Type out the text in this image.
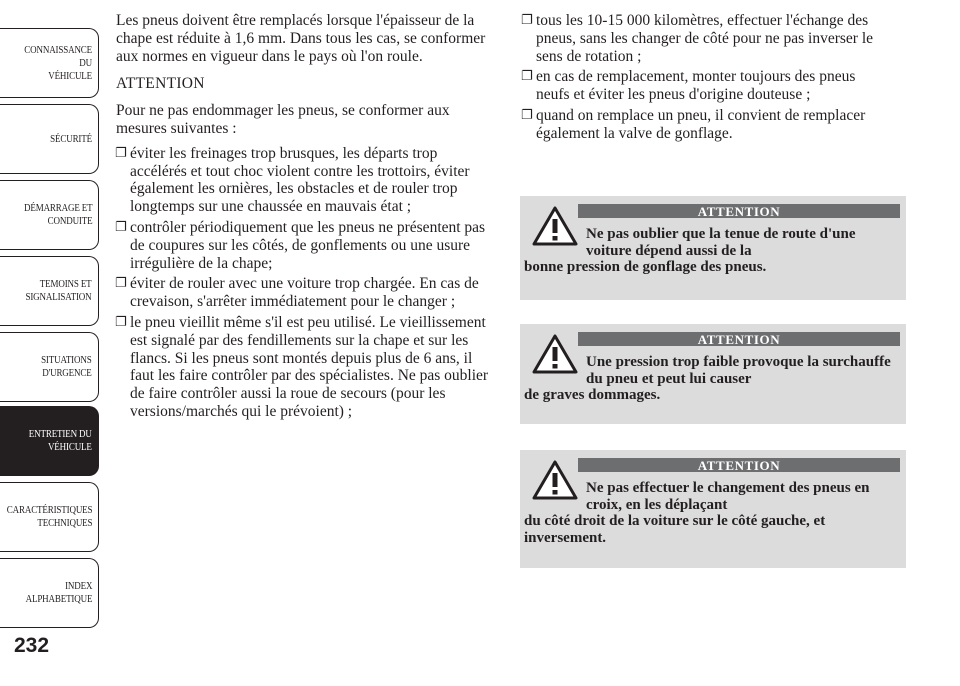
CONNAISSANCE DU
VÉHICULE
SÉCURITÉ
DÉMARRAGE ET
CONDUITE
TEMOINS ET
SIGNALISATION
SITUATIONS
D'URGENCE
ENTRETIEN DU
VÉHICULE
CARACTÉRISTIQUES
TECHNIQUES
INDEX
ALPHABETIQUE
232

Les pneus doivent être remplacés lorsque l'épaisseur de la chape est réduite à 1,6 mm. Dans tous les cas, se conformer aux normes en vigueur dans le pays où l'on roule.

ATTENTION

Pour ne pas endommager les pneus, se conformer aux mesures suivantes :

❐ éviter les freinages trop brusques, les départs trop accélérés et tout choc violent contre les trottoirs, éviter également les ornières, les obstacles et de rouler trop longtemps sur une chaussée en mauvais état ;
❐ contrôler périodiquement que les pneus ne présentent pas de coupures sur les côtés, de gonflements ou une usure irrégulière de la chape;
❐ éviter de rouler avec une voiture trop chargée. En cas de crevaison, s'arrêter immédiatement pour le changer ;
❐ le pneu vieillit même s'il est peu utilisé. Le vieillissement est signalé par des fendillements sur la chape et sur les flancs. Si les pneus sont montés depuis plus de 6 ans, il faut les faire contrôler par des spécialistes. Ne pas oublier de faire contrôler aussi la roue de secours (pour les versions/marchés qui le prévoient) ;
❐ tous les 10-15 000 kilomètres, effectuer l'échange des pneus, sans les changer de côté pour ne pas inverser le sens de rotation ;
❐ en cas de remplacement, monter toujours des pneus neufs et éviter les pneus d'origine douteuse ;
❐ quand on remplace un pneu, il convient de remplacer également la valve de gonflage.
ATTENTION
Ne pas oublier que la tenue de route d'une voiture dépend aussi de la
bonne pression de gonflage des pneus.
ATTENTION
Une pression trop faible provoque la surchauffe du pneu et peut lui causer
de graves dommages.
ATTENTION
Ne pas effectuer le changement des pneus en croix, en les déplaçant
du côté droit de la voiture sur le côté gauche, et inversement.
